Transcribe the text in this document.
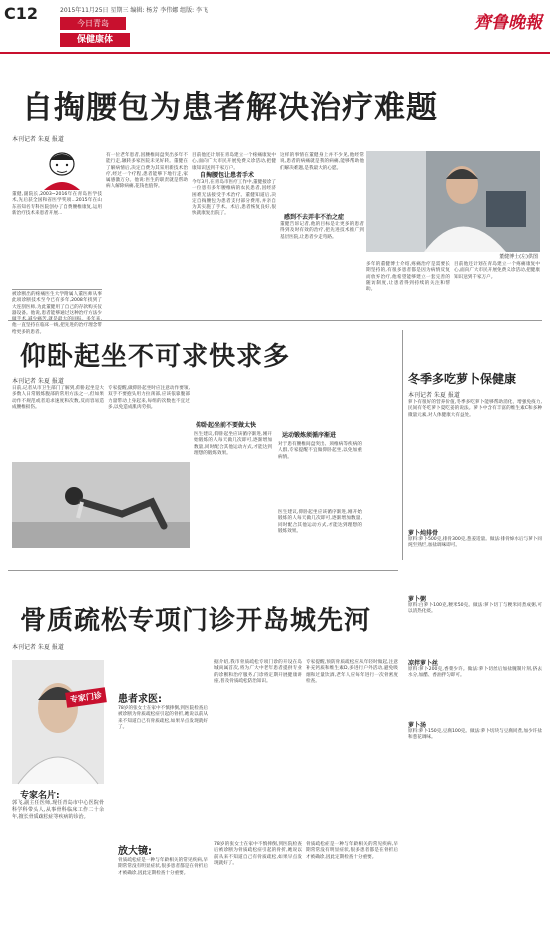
C12	2015年11月25日 星期三 编辑: 杨芳 李伟娜 组版: 李飞
今日青岛
保健康体
齊鲁晚報
自掏腰包为患者解决治疗难题
本刊记者 朱夏 报道
董健,副院长,2003~2016年在青岛医学技术,先后获全国和省医学奖项...2015年在山东省知名专科医院创办了自费腰椎康复,运用新治疗技术来患者开展...
被诊断出的疼痛医生大学附属人董医师从事此项诊断技术至今已有多年,2008年找到了大连刮医师,为此董健用了自己的存款购买仪器设备。他说,患者能够通过这种治疗方法少 他一直坚持在临床一线,把先进的治疗理念带给更多的患者。
有一位老年患者,因腰椎间盘突出多年不能行走,辗转多家医院未见好转。董健在了解病情后,决定自费为其采用新技术治疗,经过一个疗程,患者能够下地行走,家属感激万分。他说:医生的职责就是帮助病人解除病痛,花钱也值得。
目前他还计划在青岛建立一个疼痛康复中心,面向广大市民开展免费义诊活动,把健康知识送到千家万户。
自掏腰包让患者手术
今年3月,在青岛市医疗工作中,董健接诊了一位患有多年腰椎病的农民患者,因经济困难无法接受手术治疗。董健知道后,决定自掏腰包为患者支付部分费用,并亲自为其实施了手术。术后,患者恢复良好,很快就康复出院了。
这样的事情在董健身上并不少见,他经常说,患者的病痛就是我的病痛,能够帮助他们解决难题,是我最大的心愿。
感到不去弄非不治之症
董健告诉记者,他的目标是让更多的患者得到及时有效的治疗,把先进技术推广到基层医院,让患者少走弯路。
董健博士(左)供图
多年的董健博士介绍,疼痛治疗是需要长期坚持的,有很多患者都是因为病情反复而放弃治疗,他希望能够建立一套完善的随访制度,让患者得到持续的关注和帮助。
目前他还计划在青岛建立一个疼痛康复中心,面向广大市民开展免费义诊活动,把健康知识送到千家万户。
仰卧起坐不可求快求多
本刊记者 朱夏 报道
日前,记者从市卫生部门了解到,仰卧起坐是大多数人日常锻炼腹部的常用方法之一,但如果动作不规范或者追求速度和次数,反而容易造成腰椎损伤。
专家提醒,做仰卧起坐时应注意动作要领,双手不要抱头用力拉颈部,应该依靠腹部力量带动上身起来,每组的次数也不宜过多,以免造成肌肉劳损。
仰卧起坐前不要做太快
医生建议,仰卧起坐应该循序渐进,刚开始锻炼的人每天做几次即可,逐渐增加数量,同时配合其他运动方式,才能达到理想的锻炼效果。
运动锻炼须循序渐进
对于患有腰椎间盘突出、颈椎病等疾病的人群,专家提醒不宜做仰卧起坐,以免加重病情。
医生建议,仰卧起坐应该循序渐进,刚开始锻炼的人每天做几次即可,逐渐增加数量,同时配合其他运动方式,才能达到理想的锻炼效果。
冬季多吃萝卜保健康
本刊记者 朱夏 报道
萝卜有很好的营养价值,冬季多吃萝卜能够帮助消化、增强免疫力,民间有冬吃萝卜夏吃姜的说法。萝卜中含有丰富的维生素C和多种微量元素,对人体健康大有益处。
萝卜炖排骨
原料:萝卜500克,排骨300克,葱姜适量。做法:排骨焯水后与萝卜同炖至熟烂,加盐调味即可。
萝卜粥
原料:白萝卜100克,粳米50克。做法:萝卜切丁与粳米同煮成粥,可以清热化痰。
凉拌萝卜丝
原料:萝卜200克,香菜少许。做法:萝卜切丝后加盐腌制片刻,挤去水分,加醋、香油拌匀即可。
萝卜汤
原料:萝卜150克,豆腐100克。做法:萝卜切块与豆腐同煮,加少许盐和葱花调味。
骨质疏松专项门诊开岛城先河
本刊记者 朱夏 报道
专家门诊
专家名片:
郭飞,副主任医师,现任青岛市中心医院骨科学科带头人,从事骨科临床工作二十余年,擅长骨质疏松症等疾病的诊治。
患者求医:
78岁的张女士在家中不慎摔倒,到医院检查后被诊断为骨质疏松症引起的骨折,她说以前从来不知道自己有骨质疏松,如果早点发现就好了。
放大镜:
骨质疏松症是一种与年龄相关的常见疾病,早期常常没有明显症状,很多患者都是在骨折后才被确诊,因此定期检查十分重要。
据介绍,我市骨质疏松专项门诊的开设在岛城尚属首次,将为广大中老年患者提供专业的诊断和治疗服务,门诊将定期开展健康讲座,普及骨质疏松防治知识。
专家提醒,预防骨质疏松应从年轻时做起,注意补充钙质和维生素D,多进行户外活动,避免吸烟和过量饮酒,老年人应每年进行一次骨密度检查。
78岁的张女士在家中不慎摔倒,到医院检查后被诊断为骨质疏松症引起的骨折,她说以前从来不知道自己有骨质疏松,如果早点发现就好了。
骨质疏松症是一种与年龄相关的常见疾病,早期常常没有明显症状,很多患者都是在骨折后才被确诊,因此定期检查十分重要。
